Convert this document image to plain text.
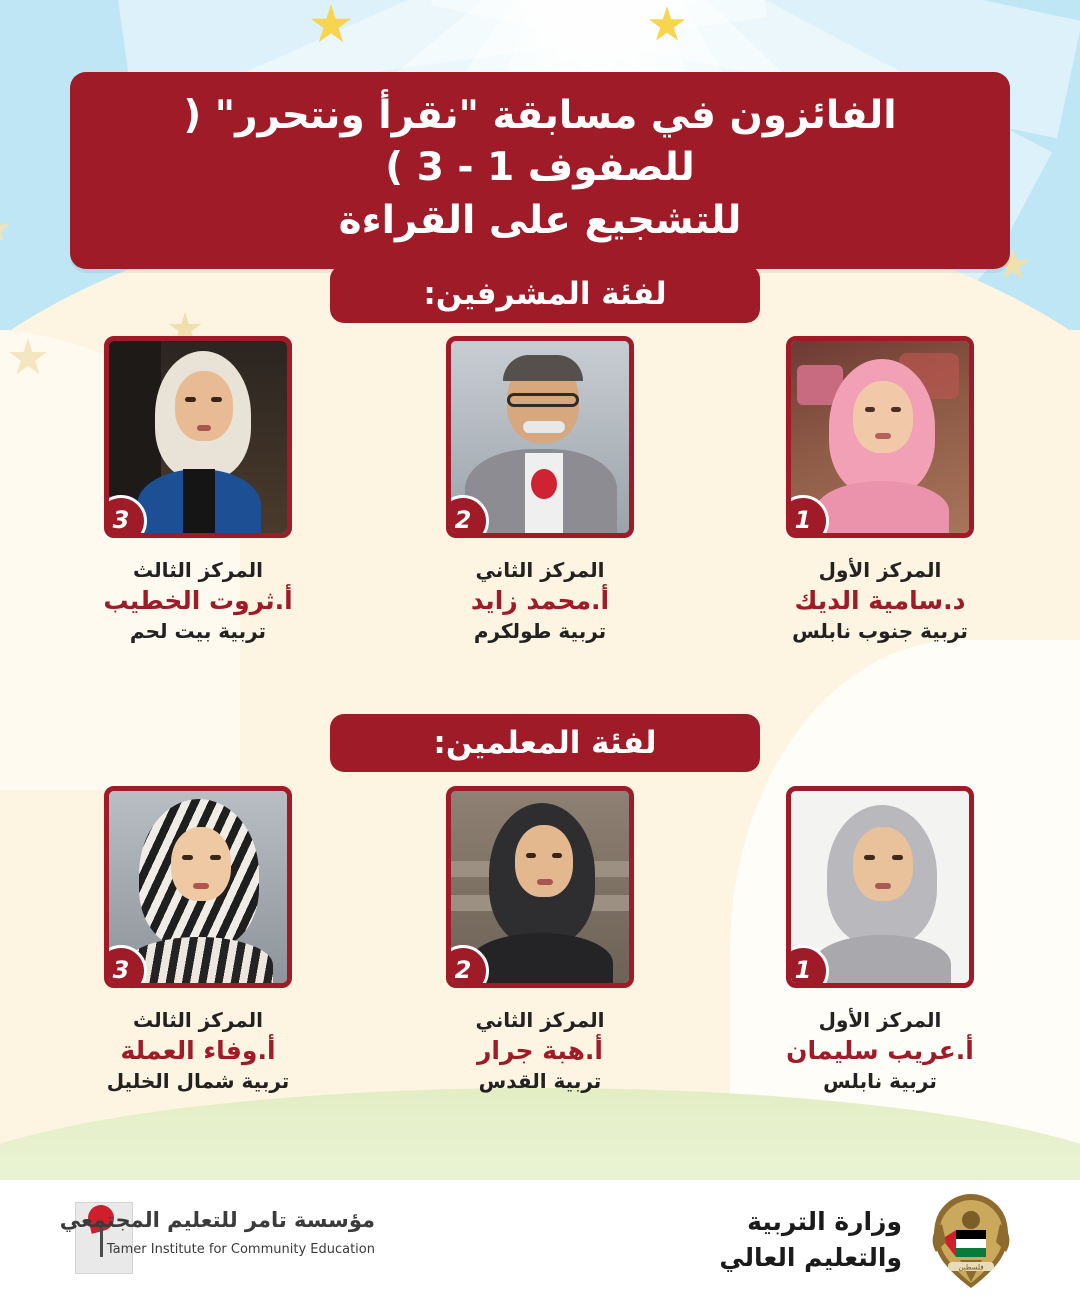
الفائزون في مسابقة "نقرأ ونتحرر" ( للصفوف 1 - 3 )
للتشجيع على القراءة
لفئة المشرفين:
1
المركز الأول
د.سامية الديك
تربية جنوب نابلس
2
المركز الثاني
أ.محمد زايد
تربية طولكرم
3
المركز الثالث
أ.ثروت الخطيب
تربية بيت لحم
لفئة المعلمين:
1
المركز الأول
أ.عريب سليمان
تربية نابلس
2
المركز الثاني
أ.هبة جرار
تربية القدس
3
المركز الثالث
أ.وفاء العملة
تربية شمال الخليل
مؤسسة تامر للتعليم المجتمعي
Tamer Institute for Community Education
وزارة التربية
والتعليم العالي	فلسطين
